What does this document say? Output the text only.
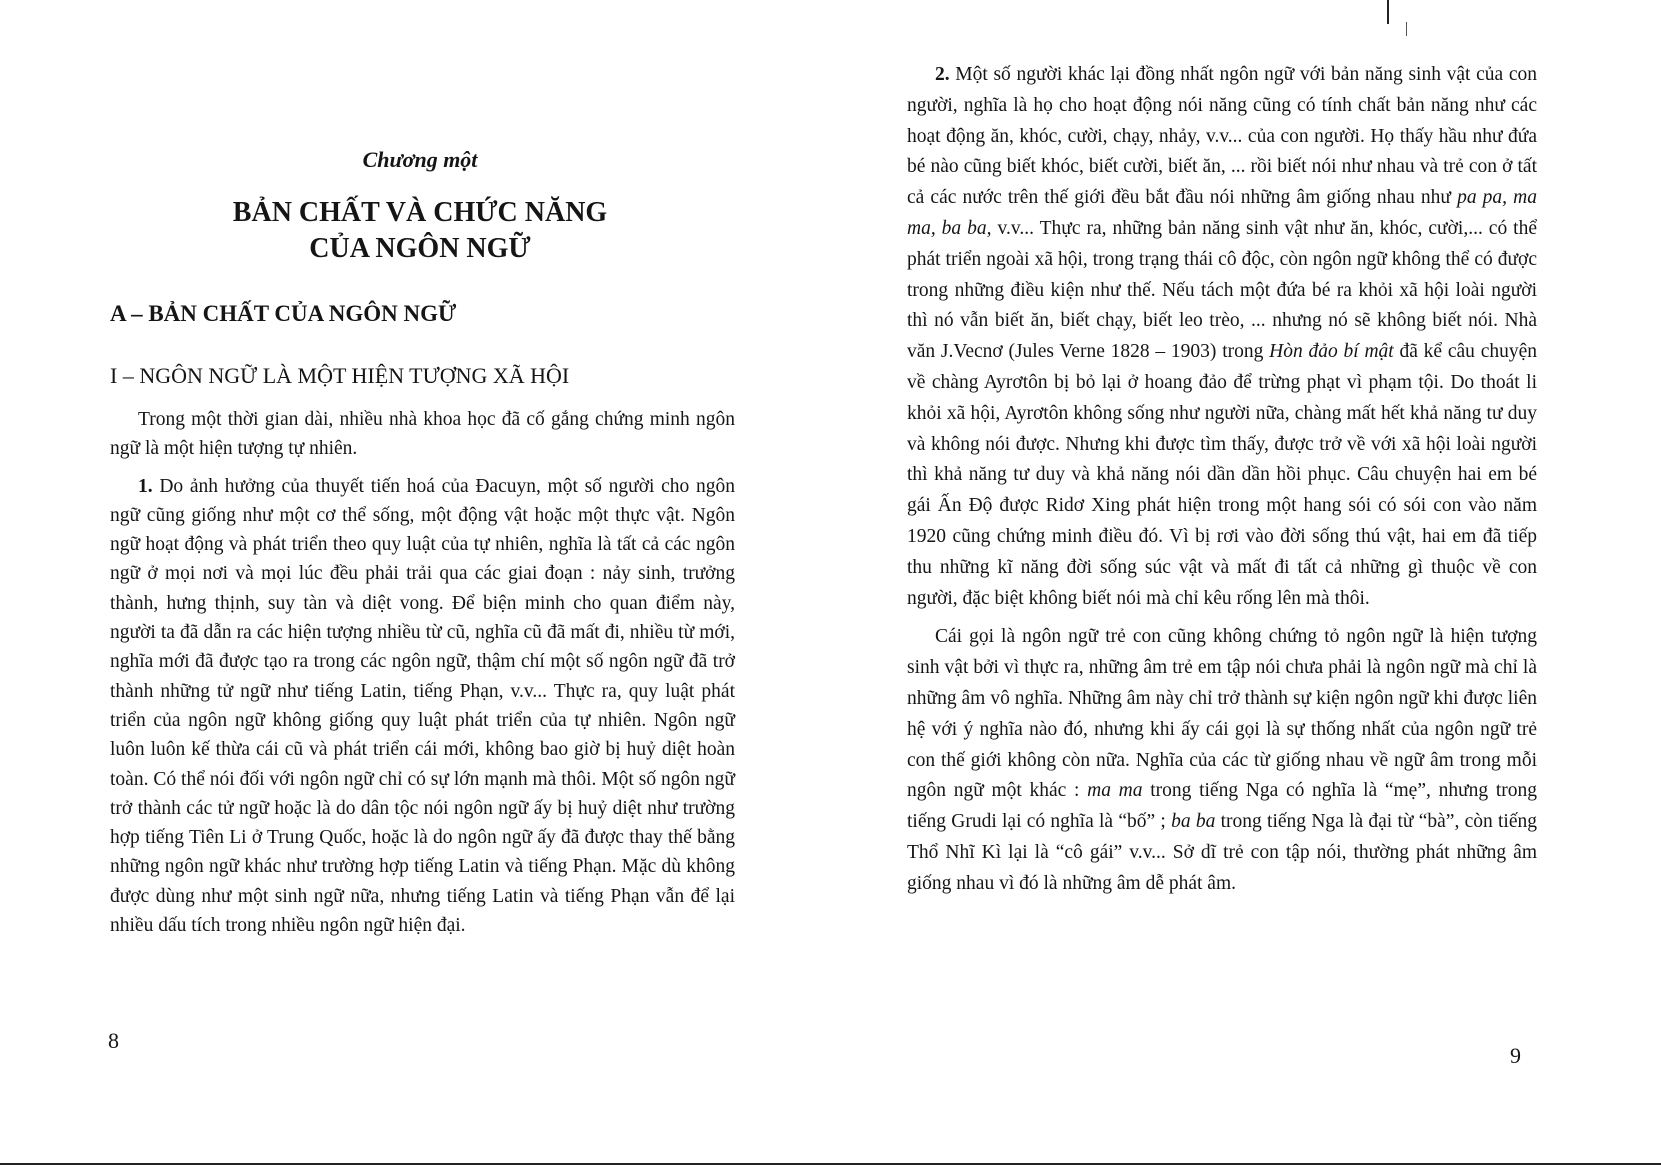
Chương một
BẢN CHẤT VÀ CHỨC NĂNG
CỦA NGÔN NGỮ
A – BẢN CHẤT CỦA NGÔN NGỮ
I – NGÔN NGỮ LÀ MỘT HIỆN TƯỢNG XÃ HỘI

Trong một thời gian dài, nhiều nhà khoa học đã cố gắng chứng minh ngôn ngữ là một hiện tượng tự nhiên.

1. Do ảnh hưởng của thuyết tiến hoá của Đacuyn, một số người cho ngôn ngữ cũng giống như một cơ thể sống, một động vật hoặc một thực vật. Ngôn ngữ hoạt động và phát triển theo quy luật của tự nhiên, nghĩa là tất cả các ngôn ngữ ở mọi nơi và mọi lúc đều phải trải qua các giai đoạn : nảy sinh, trưởng thành, hưng thịnh, suy tàn và diệt vong. Để biện minh cho quan điểm này, người ta đã dẫn ra các hiện tượng nhiều từ cũ, nghĩa cũ đã mất đi, nhiều từ mới, nghĩa mới đã được tạo ra trong các ngôn ngữ, thậm chí một số ngôn ngữ đã trở thành những tử ngữ như tiếng Latin, tiếng Phạn, v.v... Thực ra, quy luật phát triển của ngôn ngữ không giống quy luật phát triển của tự nhiên. Ngôn ngữ luôn luôn kế thừa cái cũ và phát triển cái mới, không bao giờ bị huỷ diệt hoàn toàn. Có thể nói đối với ngôn ngữ chỉ có sự lớn mạnh mà thôi. Một số ngôn ngữ trở thành các tử ngữ hoặc là do dân tộc nói ngôn ngữ ấy bị huỷ diệt như trường hợp tiếng Tiên Li ở Trung Quốc, hoặc là do ngôn ngữ ấy đã được thay thế bằng những ngôn ngữ khác như trường hợp tiếng Latin và tiếng Phạn. Mặc dù không được dùng như một sinh ngữ nữa, nhưng tiếng Latin và tiếng Phạn vẫn để lại nhiều dấu tích trong nhiều ngôn ngữ hiện đại.

8

2. Một số người khác lại đồng nhất ngôn ngữ với bản năng sinh vật của con người, nghĩa là họ cho hoạt động nói năng cũng có tính chất bản năng như các hoạt động ăn, khóc, cười, chạy, nhảy, v.v... của con người. Họ thấy hầu như đứa bé nào cũng biết khóc, biết cười, biết ăn, ... rồi biết nói như nhau và trẻ con ở tất cả các nước trên thế giới đều bắt đầu nói những âm giống nhau như pa pa, ma ma, ba ba, v.v... Thực ra, những bản năng sinh vật như ăn, khóc, cười,... có thể phát triển ngoài xã hội, trong trạng thái cô độc, còn ngôn ngữ không thể có được trong những điều kiện như thế. Nếu tách một đứa bé ra khỏi xã hội loài người thì nó vẫn biết ăn, biết chạy, biết leo trèo, ... nhưng nó sẽ không biết nói. Nhà văn J.Vecnơ (Jules Verne 1828 – 1903) trong Hòn đảo bí mật đã kể câu chuyện về chàng Ayrơtôn bị bỏ lại ở hoang đảo để trừng phạt vì phạm tội. Do thoát li khỏi xã hội, Ayrơtôn không sống như người nữa, chàng mất hết khả năng tư duy và không nói được. Nhưng khi được tìm thấy, được trở về với xã hội loài người thì khả năng tư duy và khả năng nói dần dần hồi phục. Câu chuyện hai em bé gái Ấn Độ được Ridơ Xing phát hiện trong một hang sói có sói con vào năm 1920 cũng chứng minh điều đó. Vì bị rơi vào đời sống thú vật, hai em đã tiếp thu những kĩ năng đời sống súc vật và mất đi tất cả những gì thuộc về con người, đặc biệt không biết nói mà chỉ kêu rống lên mà thôi.

Cái gọi là ngôn ngữ trẻ con cũng không chứng tỏ ngôn ngữ là hiện tượng sinh vật bởi vì thực ra, những âm trẻ em tập nói chưa phải là ngôn ngữ mà chỉ là những âm vô nghĩa. Những âm này chỉ trở thành sự kiện ngôn ngữ khi được liên hệ với ý nghĩa nào đó, nhưng khi ấy cái gọi là sự thống nhất của ngôn ngữ trẻ con thế giới không còn nữa. Nghĩa của các từ giống nhau về ngữ âm trong mỗi ngôn ngữ một khác : ma ma trong tiếng Nga có nghĩa là “mẹ”, nhưng trong tiếng Grudi lại có nghĩa là “bố” ; ba ba trong tiếng Nga là đại từ “bà”, còn tiếng Thổ Nhĩ Kì lại là “cô gái” v.v... Sở dĩ trẻ con tập nói, thường phát những âm giống nhau vì đó là những âm dễ phát âm.

9
